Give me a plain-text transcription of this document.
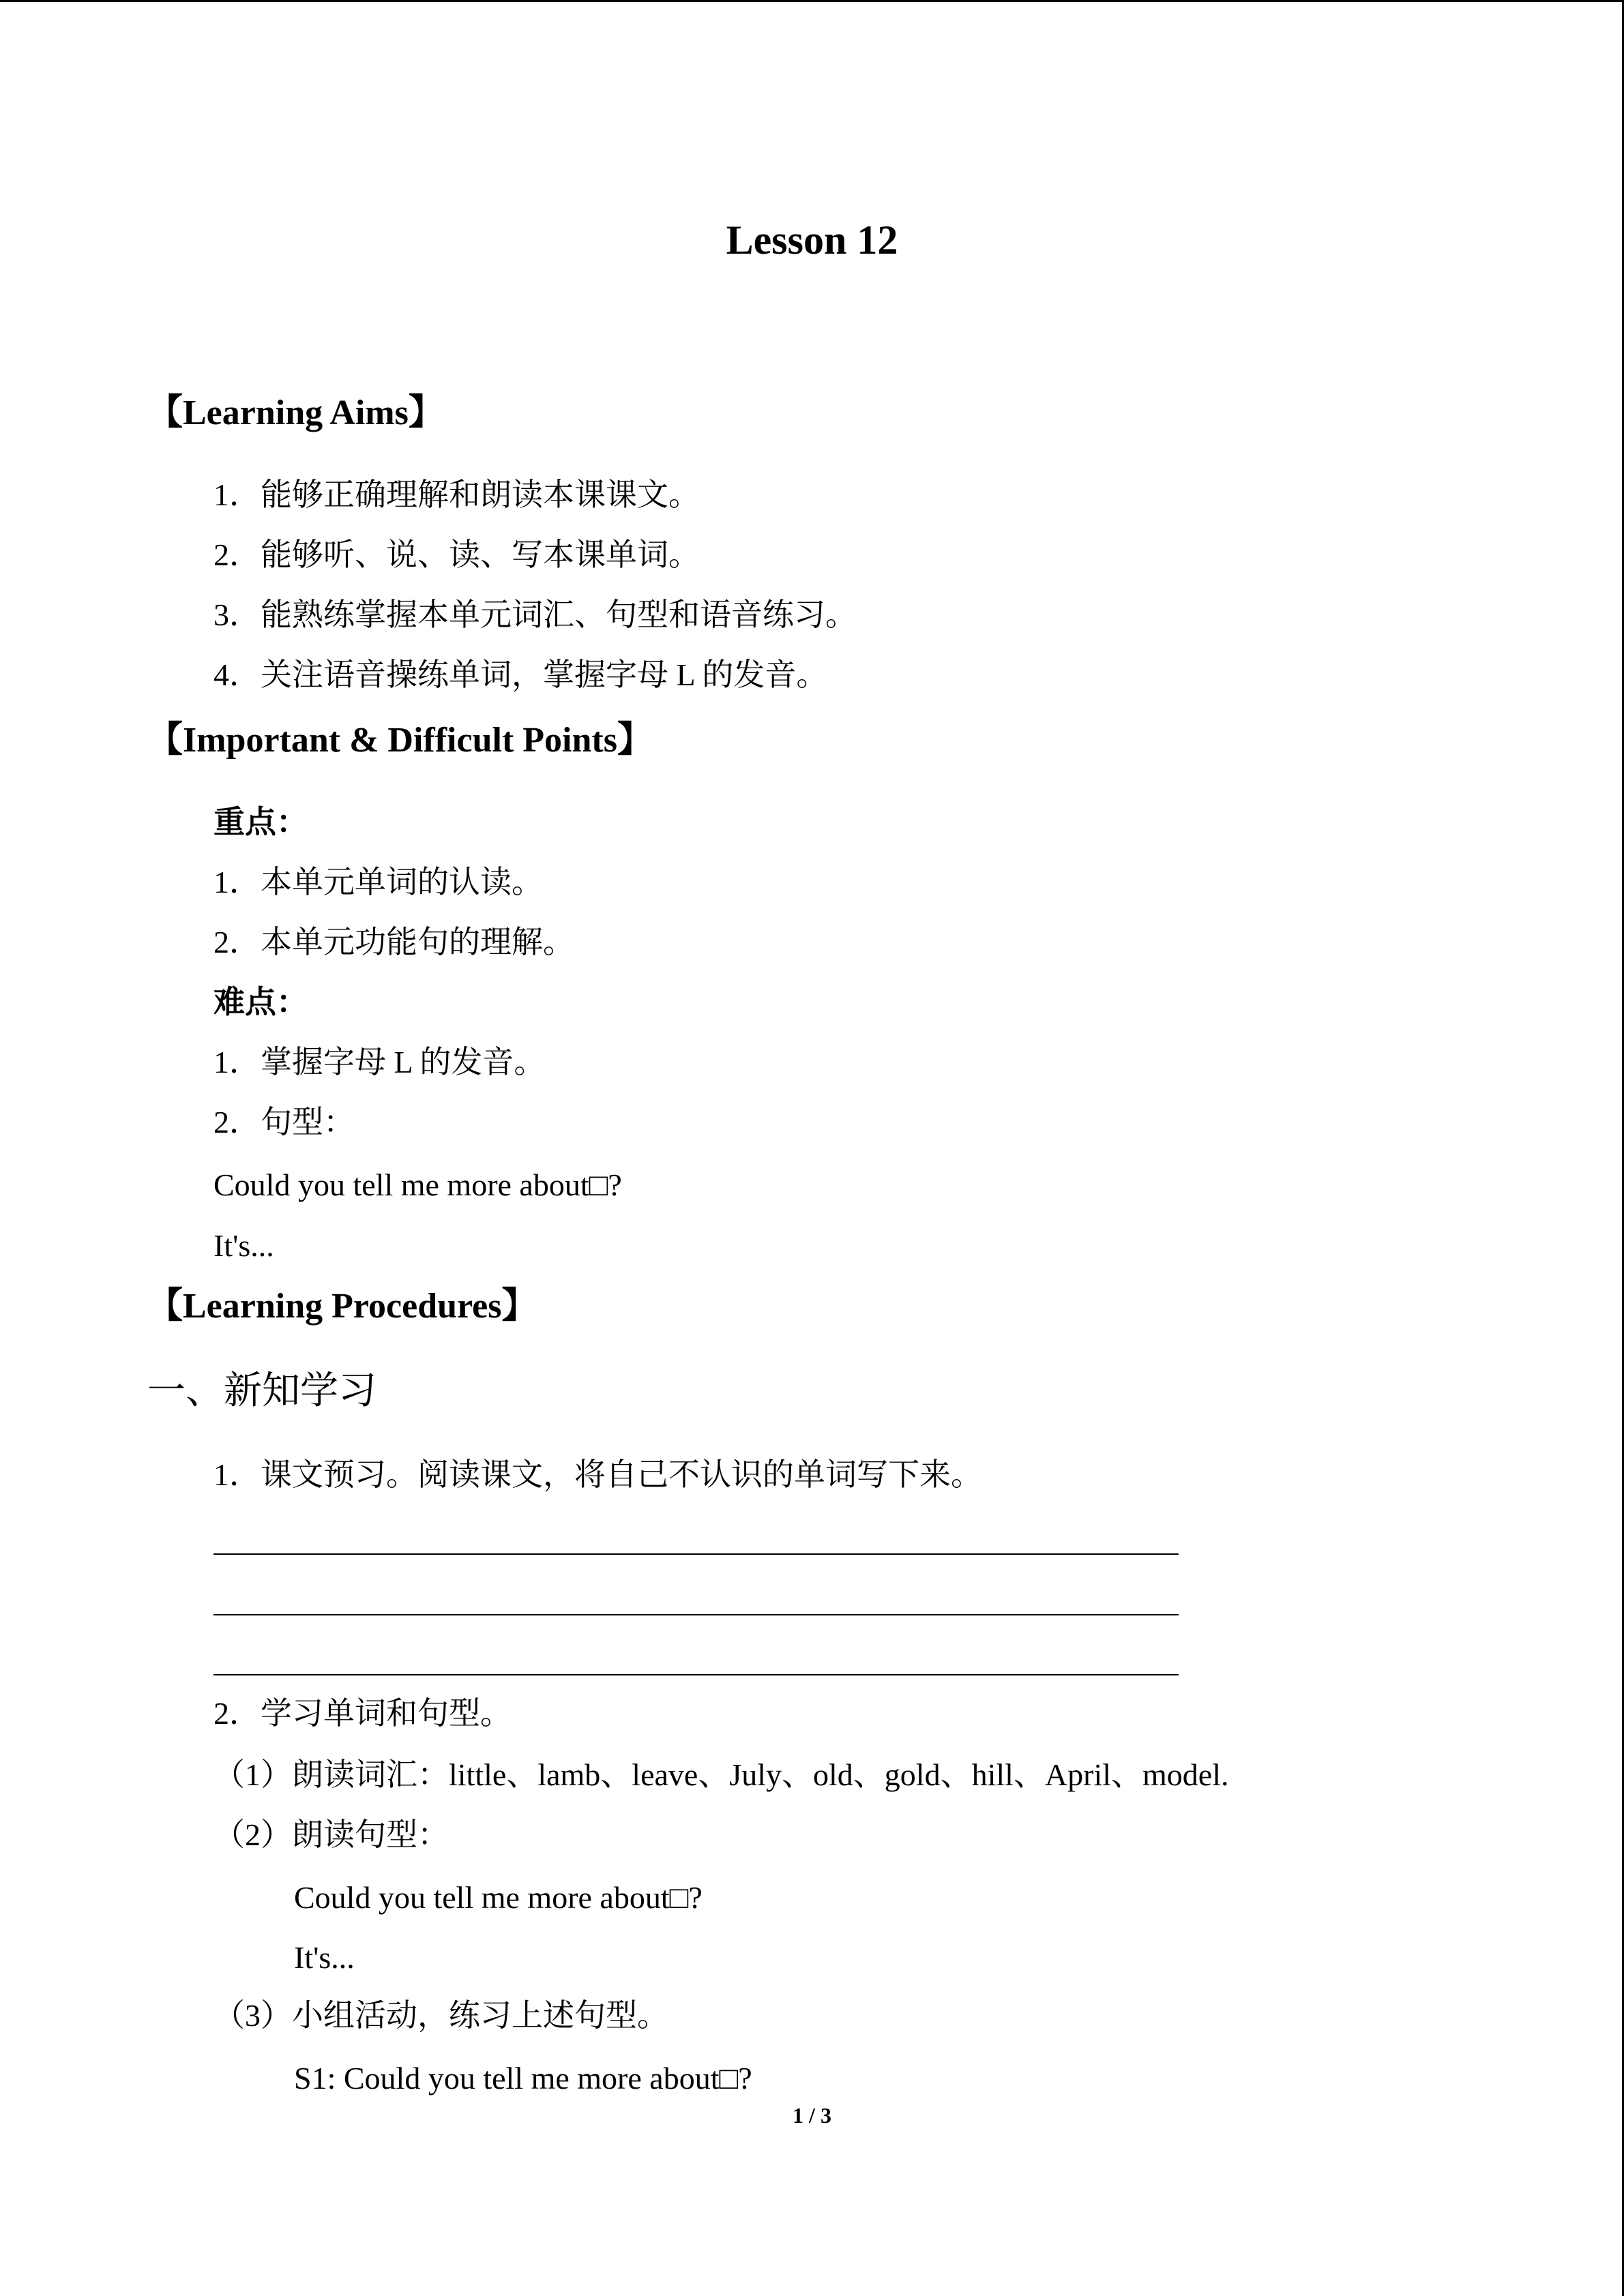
Lesson 12
【Learning Aims】
1．能够正确理解和朗读本课课文。
2．能够听、说、读、写本课单词。
3．能熟练掌握本单元词汇、句型和语音练习。
4．关注语音操练单词，掌握字母 L 的发音。
【Important & Difficult Points】
重点：
1．本单元单词的认读。
2．本单元功能句的理解。
难点：
1．掌握字母 L 的发音。
2．句型：
Could you tell me more about□?
It's...
【Learning Procedures】
一、新知学习
1．课文预习。阅读课文，将自己不认识的单词写下来。
2．学习单词和句型。
（1）朗读词汇：little、lamb、leave、July、old、gold、hill、April、model.
（2）朗读句型：
Could you tell me more about□?
It's...
（3）小组活动，练习上述句型。
S1: Could you tell me more about□?
1 / 3
